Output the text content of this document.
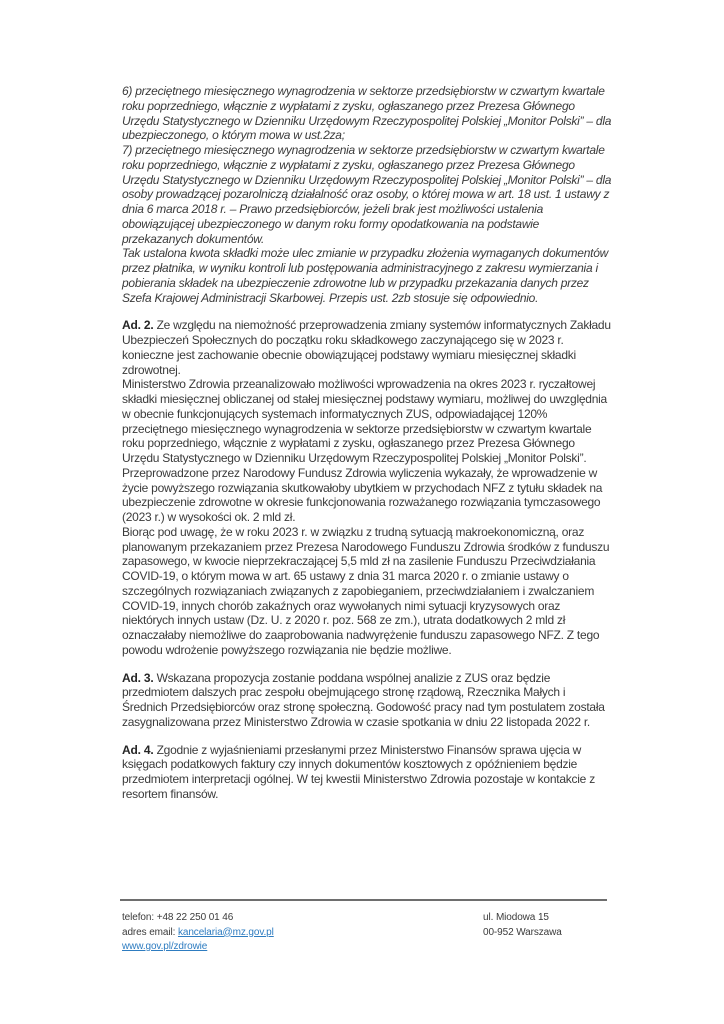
6) przeciętnego miesięcznego wynagrodzenia w sektorze przedsiębiorstw w czwartym kwartale roku poprzedniego, włącznie z wypłatami z zysku, ogłaszanego przez Prezesa Głównego Urzędu Statystycznego w Dzienniku Urzędowym Rzeczypospolitej Polskiej „Monitor Polski” – dla ubezpieczonego, o którym mowa w ust.2za;

7) przeciętnego miesięcznego wynagrodzenia w sektorze przedsiębiorstw w czwartym kwartale roku poprzedniego, włącznie z wypłatami z zysku, ogłaszanego przez Prezesa Głównego Urzędu Statystycznego w Dzienniku Urzędowym Rzeczypospolitej Polskiej „Monitor Polski” – dla osoby prowadzącej pozarolniczą działalność oraz osoby, o której mowa w art. 18 ust. 1 ustawy z dnia 6 marca 2018 r. – Prawo przedsiębiorców, jeżeli brak jest możliwości ustalenia obowiązującej ubezpieczonego w danym roku formy opodatkowania na podstawie przekazanych dokumentów.

Tak ustalona kwota składki może ulec zmianie w przypadku złożenia wymaganych dokumentów przez płatnika, w wyniku kontroli lub postępowania administracyjnego z zakresu wymierzania i pobierania składek na ubezpieczenie zdrowotne lub w przypadku przekazania danych przez Szefa Krajowej Administracji Skarbowej. Przepis ust. 2zb stosuje się odpowiednio.

Ad. 2. Ze względu na niemożność przeprowadzenia zmiany systemów informatycznych Zakładu Ubezpieczeń Społecznych do początku roku składkowego zaczynającego się w 2023 r. konieczne jest zachowanie obecnie obowiązującej podstawy wymiaru miesięcznej składki zdrowotnej.

Ministerstwo Zdrowia przeanalizowało możliwości wprowadzenia na okres 2023 r. ryczałtowej składki miesięcznej obliczanej od stałej miesięcznej podstawy wymiaru, możliwej do uwzględnia w obecnie funkcjonujących systemach informatycznych ZUS, odpowiadającej 120% przeciętnego miesięcznego wynagrodzenia w sektorze przedsiębiorstw w czwartym kwartale roku poprzedniego, włącznie z wypłatami z zysku, ogłaszanego przez Prezesa Głównego Urzędu Statystycznego w Dzienniku Urzędowym Rzeczypospolitej Polskiej „Monitor Polski”. Przeprowadzone przez Narodowy Fundusz Zdrowia wyliczenia wykazały, że wprowadzenie w życie powyższego rozwiązania skutkowałoby ubytkiem w przychodach NFZ z tytułu składek na ubezpieczenie zdrowotne w okresie funkcjonowania rozważanego rozwiązania tymczasowego (2023 r.) w wysokości ok. 2 mld zł.

Biorąc pod uwagę, że w roku 2023 r. w związku z trudną sytuacją makroekonomiczną, oraz planowanym przekazaniem przez Prezesa Narodowego Funduszu Zdrowia środków z funduszu zapasowego, w kwocie nieprzekraczającej 5,5 mld zł na zasilenie Funduszu Przeciwdziałania COVID-19, o którym mowa w art. 65 ustawy z dnia 31 marca 2020 r. o zmianie ustawy o szczególnych rozwiązaniach związanych z zapobieganiem, przeciwdziałaniem i zwalczaniem COVID-19, innych chorób zakaźnych oraz wywołanych nimi sytuacji kryzysowych oraz niektórych innych ustaw (Dz. U. z 2020 r. poz. 568 ze zm.), utrata dodatkowych 2 mld zł oznaczałaby niemożliwe do zaaprobowania nadwyrężenie funduszu zapasowego NFZ. Z tego powodu wdrożenie powyższego rozwiązania nie będzie możliwe.

Ad. 3. Wskazana propozycja zostanie poddana wspólnej analizie z ZUS oraz będzie przedmiotem dalszych prac zespołu obejmującego stronę rządową, Rzecznika Małych i Średnich Przedsiębiorców oraz stronę społeczną. Godowość pracy nad tym postulatem została zasygnalizowana przez Ministerstwo Zdrowia w czasie spotkania w dniu 22 listopada 2022 r.

Ad. 4. Zgodnie z wyjaśnieniami przesłanymi przez Ministerstwo Finansów sprawa ujęcia w księgach podatkowych faktury czy innych dokumentów kosztowych z opóźnieniem będzie przedmiotem interpretacji ogólnej. W tej kwestii Ministerstwo Zdrowia pozostaje w kontakcie z resortem finansów.

telefon: +48 22 250 01 46
adres email: kancelaria@mz.gov.pl
www.gov.pl/zdrowie
ul. Miodowa 15
00-952 Warszawa
